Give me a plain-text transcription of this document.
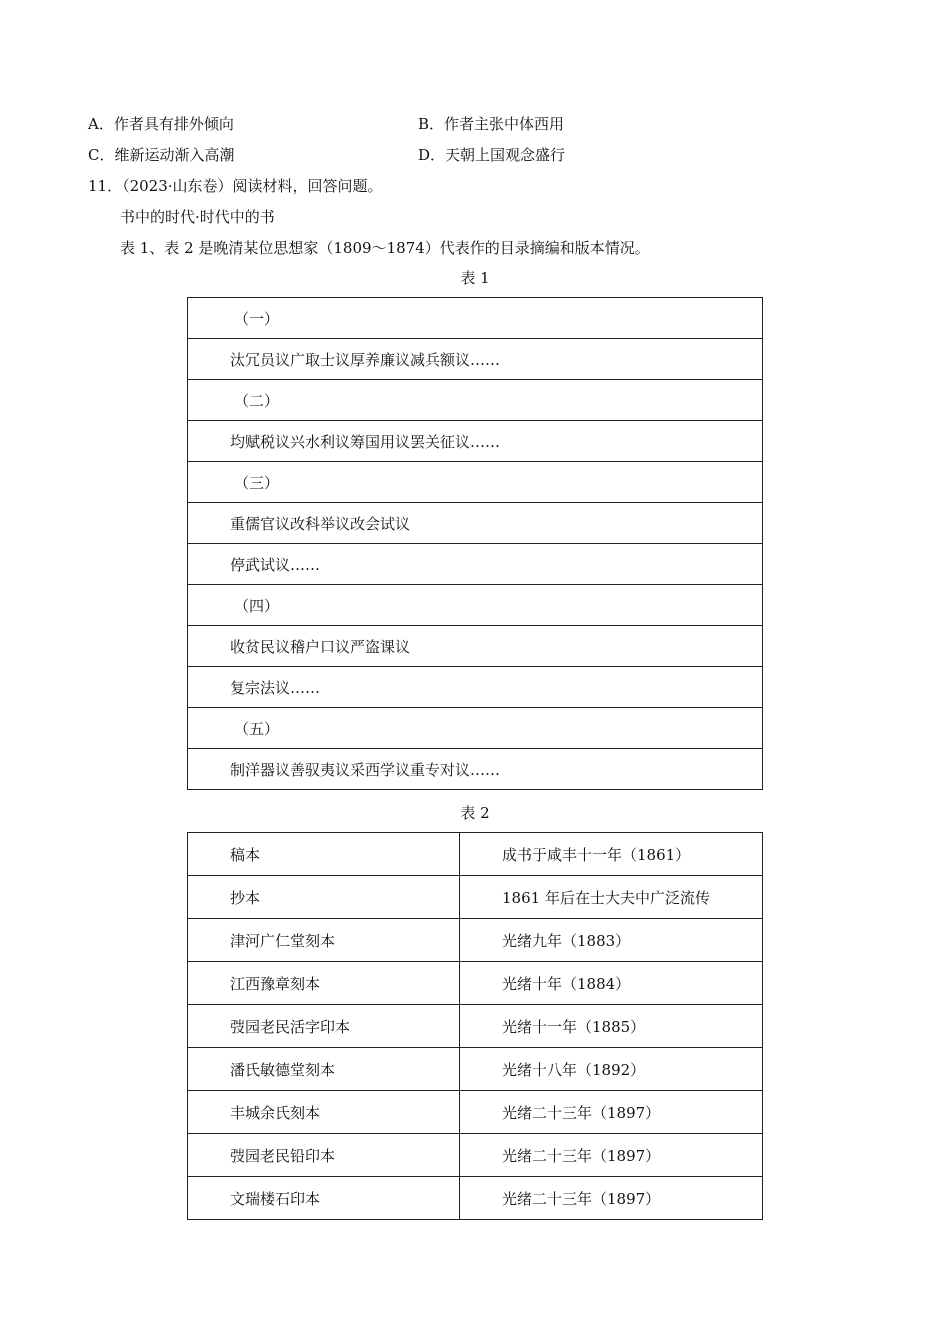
A．作者具有排外倾向	B．作者主张中体西用
C．维新运动渐入高潮	D．天朝上国观念盛行
11．（2023·山东卷）阅读材料，回答问题。
书中的时代·时代中的书
表 1、表 2 是晚清某位思想家（1809～1874）代表作的目录摘编和版本情况。
表 1
（一）
汰冗员议广取士议厚养廉议减兵额议……
（二）
均赋税议兴水利议筹国用议罢关征议……
（三）
重儒官议改科举议改会试议
停武试议……
（四）
收贫民议稽户口议严盗课议
复宗法议……
（五）
制洋器议善驭夷议采西学议重专对议……
表 2
稿本	成书于咸丰十一年（1861）
抄本	1861 年后在士大夫中广泛流传
津河广仁堂刻本	光绪九年（1883）
江西豫章刻本	光绪十年（1884）
弢园老民活字印本	光绪十一年（1885）
潘氏敏德堂刻本	光绪十八年（1892）
丰城余氏刻本	光绪二十三年（1897）
弢园老民铅印本	光绪二十三年（1897）
文瑞楼石印本	光绪二十三年（1897）
